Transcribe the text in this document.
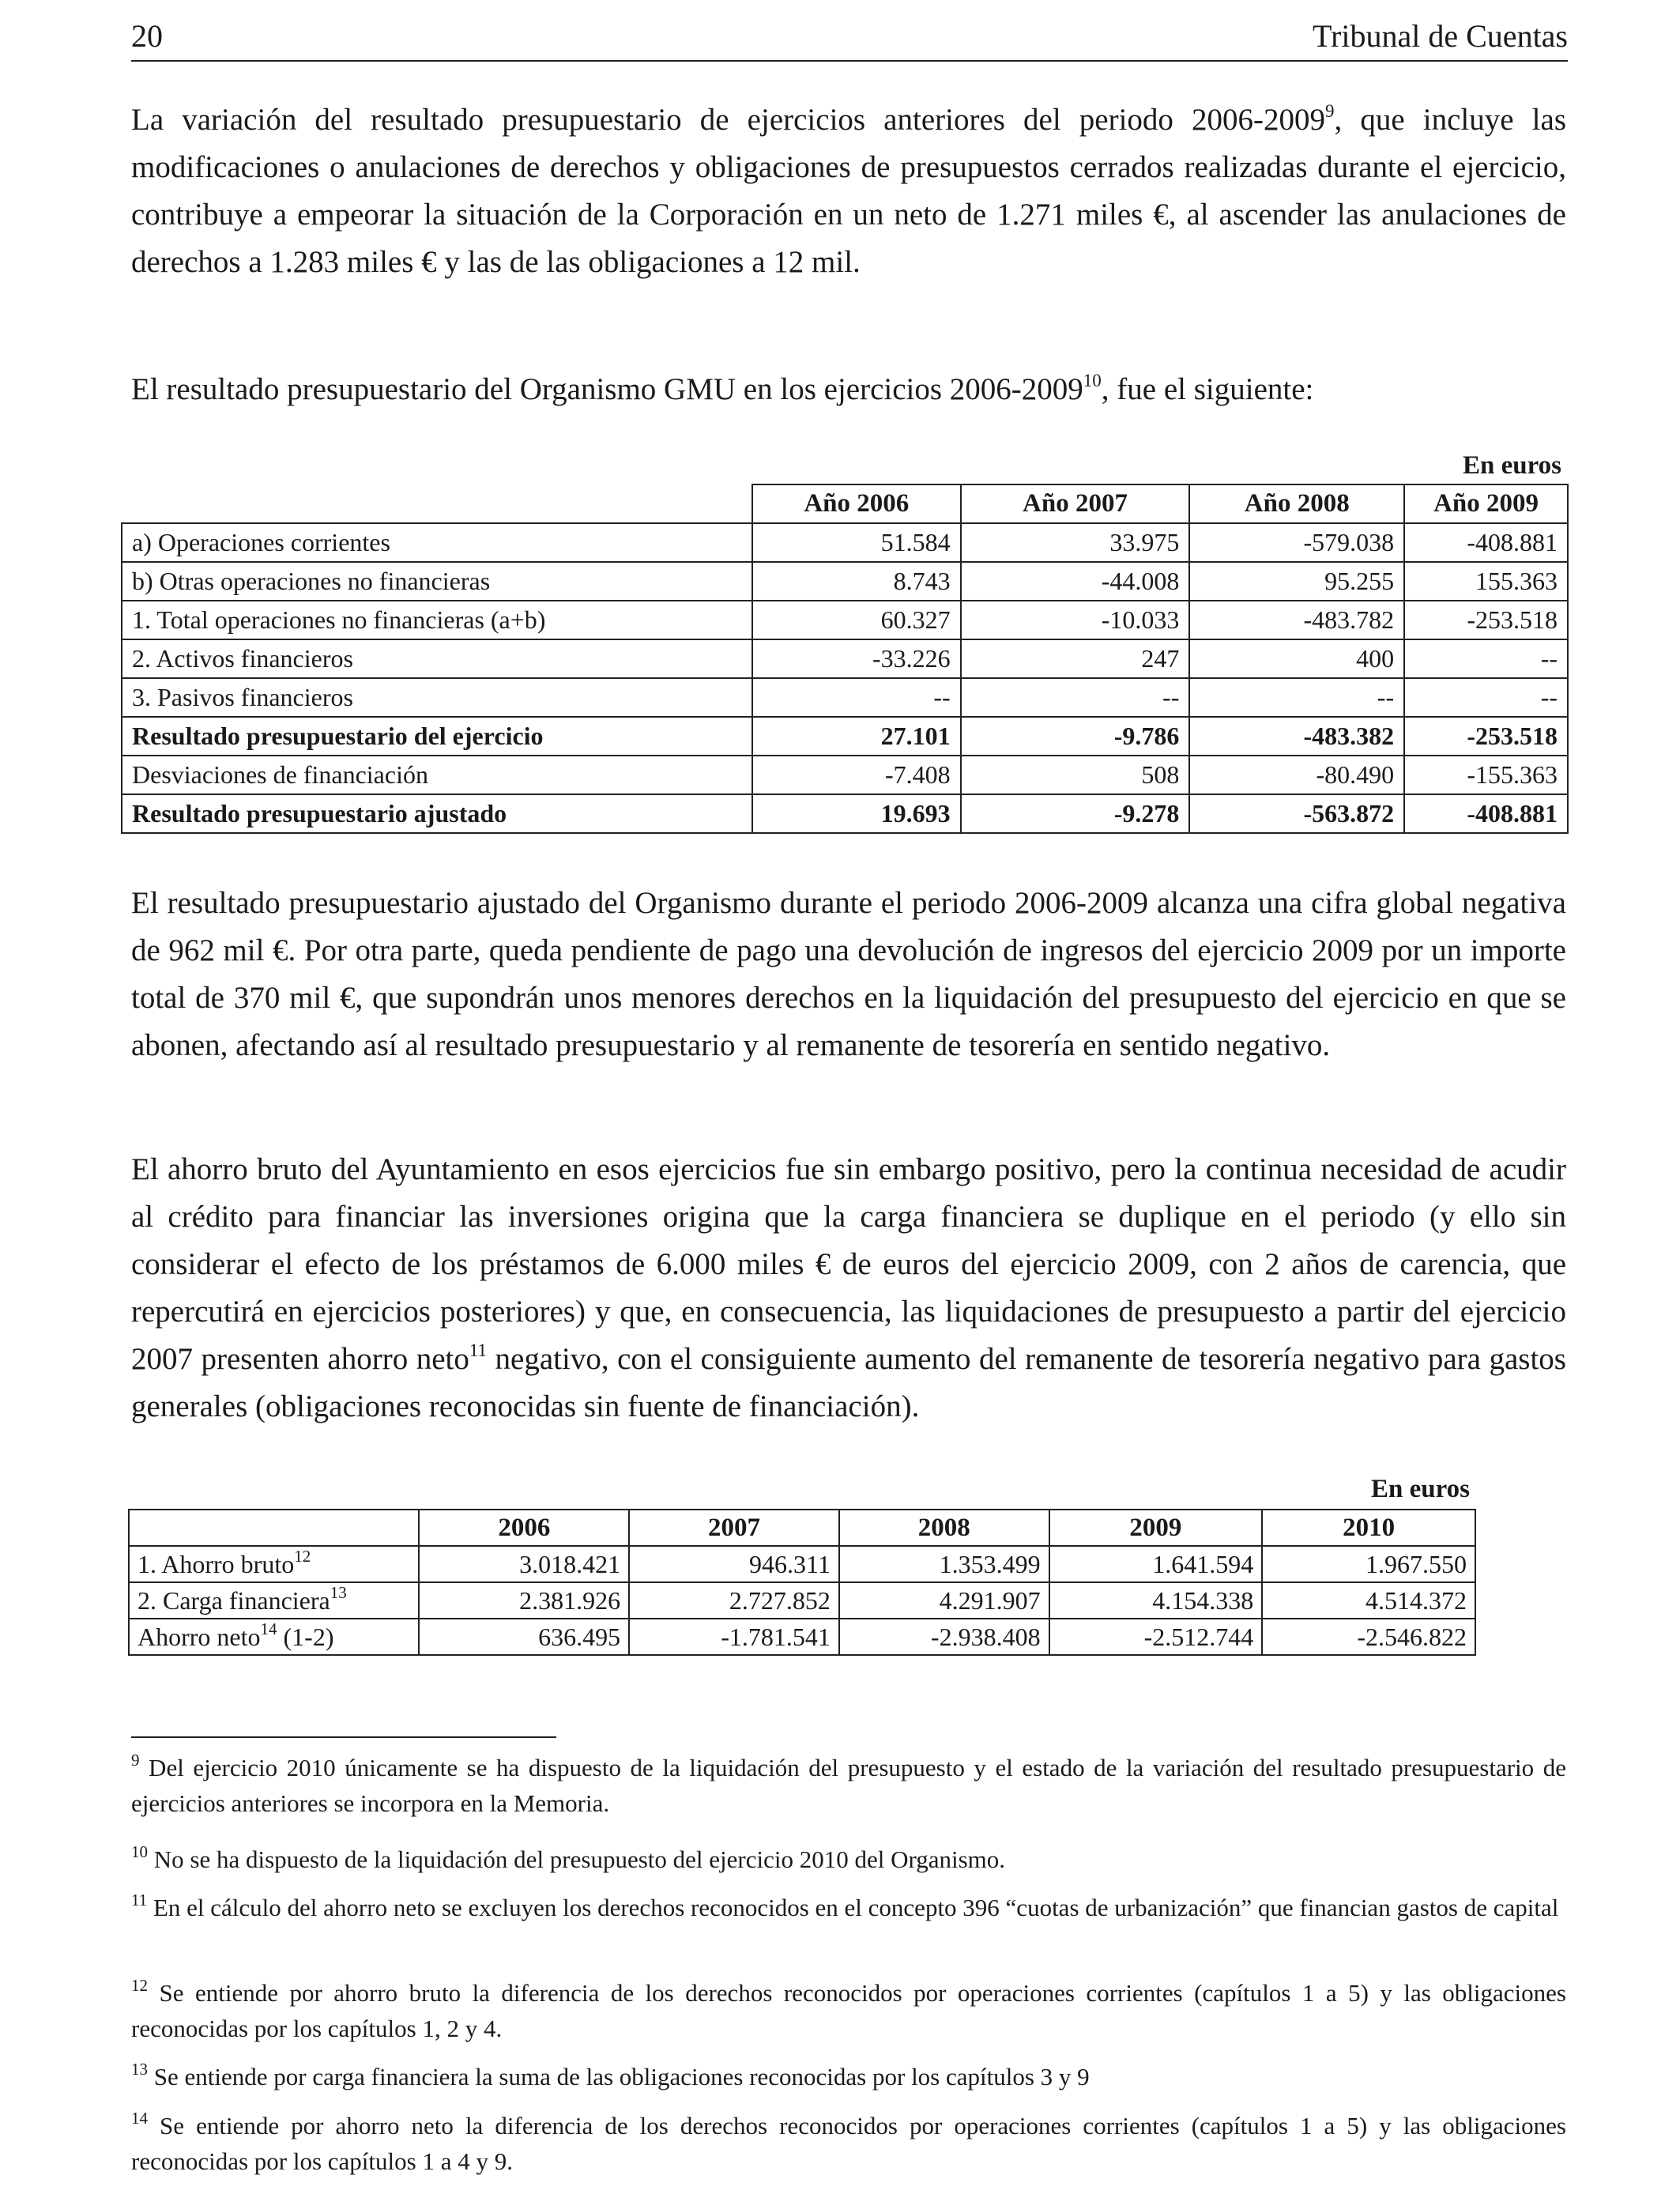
20	Tribunal de Cuentas

La variación del resultado presupuestario de ejercicios anteriores del periodo 2006-2009$^9$, que incluye las modificaciones o anulaciones de derechos y obligaciones de presupuestos cerrados realizadas durante el ejercicio, contribuye a empeorar la situación de la Corporación en un neto de 1.271 miles €, al ascender las anulaciones de derechos a 1.283 miles € y las de las obligaciones a 12 mil.

El resultado presupuestario del Organismo GMU en los ejercicios 2006-2009$^{10}$, fue el siguiente:

En euros
	Año 2006	Año 2007	Año 2008	Año 2009
a) Operaciones corrientes	51.584	33.975	-579.038	-408.881
b) Otras operaciones no financieras	8.743	-44.008	95.255	155.363
1. Total operaciones no financieras (a+b)	60.327	-10.033	-483.782	-253.518
2. Activos financieros	-33.226	247	400	--
3. Pasivos financieros	--	--	--	--
Resultado presupuestario del ejercicio	27.101	-9.786	-483.382	-253.518
Desviaciones de financiación	-7.408	508	-80.490	-155.363
Resultado presupuestario ajustado	19.693	-9.278	-563.872	-408.881

El resultado presupuestario ajustado del Organismo durante el periodo 2006-2009 alcanza una cifra global negativa de 962 mil €. Por otra parte, queda pendiente de pago una devolución de ingresos del ejercicio 2009 por un importe total de 370 mil €, que supondrán unos menores derechos en la liquidación del presupuesto del ejercicio en que se abonen, afectando así al resultado presupuestario y al remanente de tesorería en sentido negativo.

El ahorro bruto del Ayuntamiento en esos ejercicios fue sin embargo positivo, pero la continua necesidad de acudir al crédito para financiar las inversiones origina que la carga financiera se duplique en el periodo (y ello sin considerar el efecto de los préstamos de 6.000 miles € de euros del ejercicio 2009, con 2 años de carencia, que repercutirá en ejercicios posteriores) y que, en consecuencia, las liquidaciones de presupuesto a partir del ejercicio 2007 presenten ahorro neto$^{11}$ negativo, con el consiguiente aumento del remanente de tesorería negativo para gastos generales (obligaciones reconocidas sin fuente de financiación).

En euros
	2006	2007	2008	2009	2010
1. Ahorro bruto$^{12}$	3.018.421	946.311	1.353.499	1.641.594	1.967.550
2. Carga financiera$^{13}$	2.381.926	2.727.852	4.291.907	4.154.338	4.514.372
Ahorro neto$^{14}$ (1-2)	636.495	-1.781.541	-2.938.408	-2.512.744	-2.546.822

$^9$ Del ejercicio 2010 únicamente se ha dispuesto de la liquidación del presupuesto y el estado de la variación del resultado presupuestario de ejercicios anteriores se incorpora en la Memoria.

$^{10}$ No se ha dispuesto de la liquidación del presupuesto del ejercicio 2010 del Organismo.

$^{11}$ En el cálculo del ahorro neto se excluyen los derechos reconocidos en el concepto 396 “cuotas de urbanización” que financian gastos de capital

$^{12}$ Se entiende por ahorro bruto la diferencia de los derechos reconocidos por operaciones corrientes (capítulos 1 a 5) y las obligaciones reconocidas por los capítulos 1, 2 y 4.

$^{13}$ Se entiende por carga financiera la suma de las obligaciones reconocidas por los capítulos 3 y 9

$^{14}$ Se entiende por ahorro neto la diferencia de los derechos reconocidos por operaciones corrientes (capítulos 1 a 5) y las obligaciones reconocidas por los capítulos 1 a 4 y 9.
